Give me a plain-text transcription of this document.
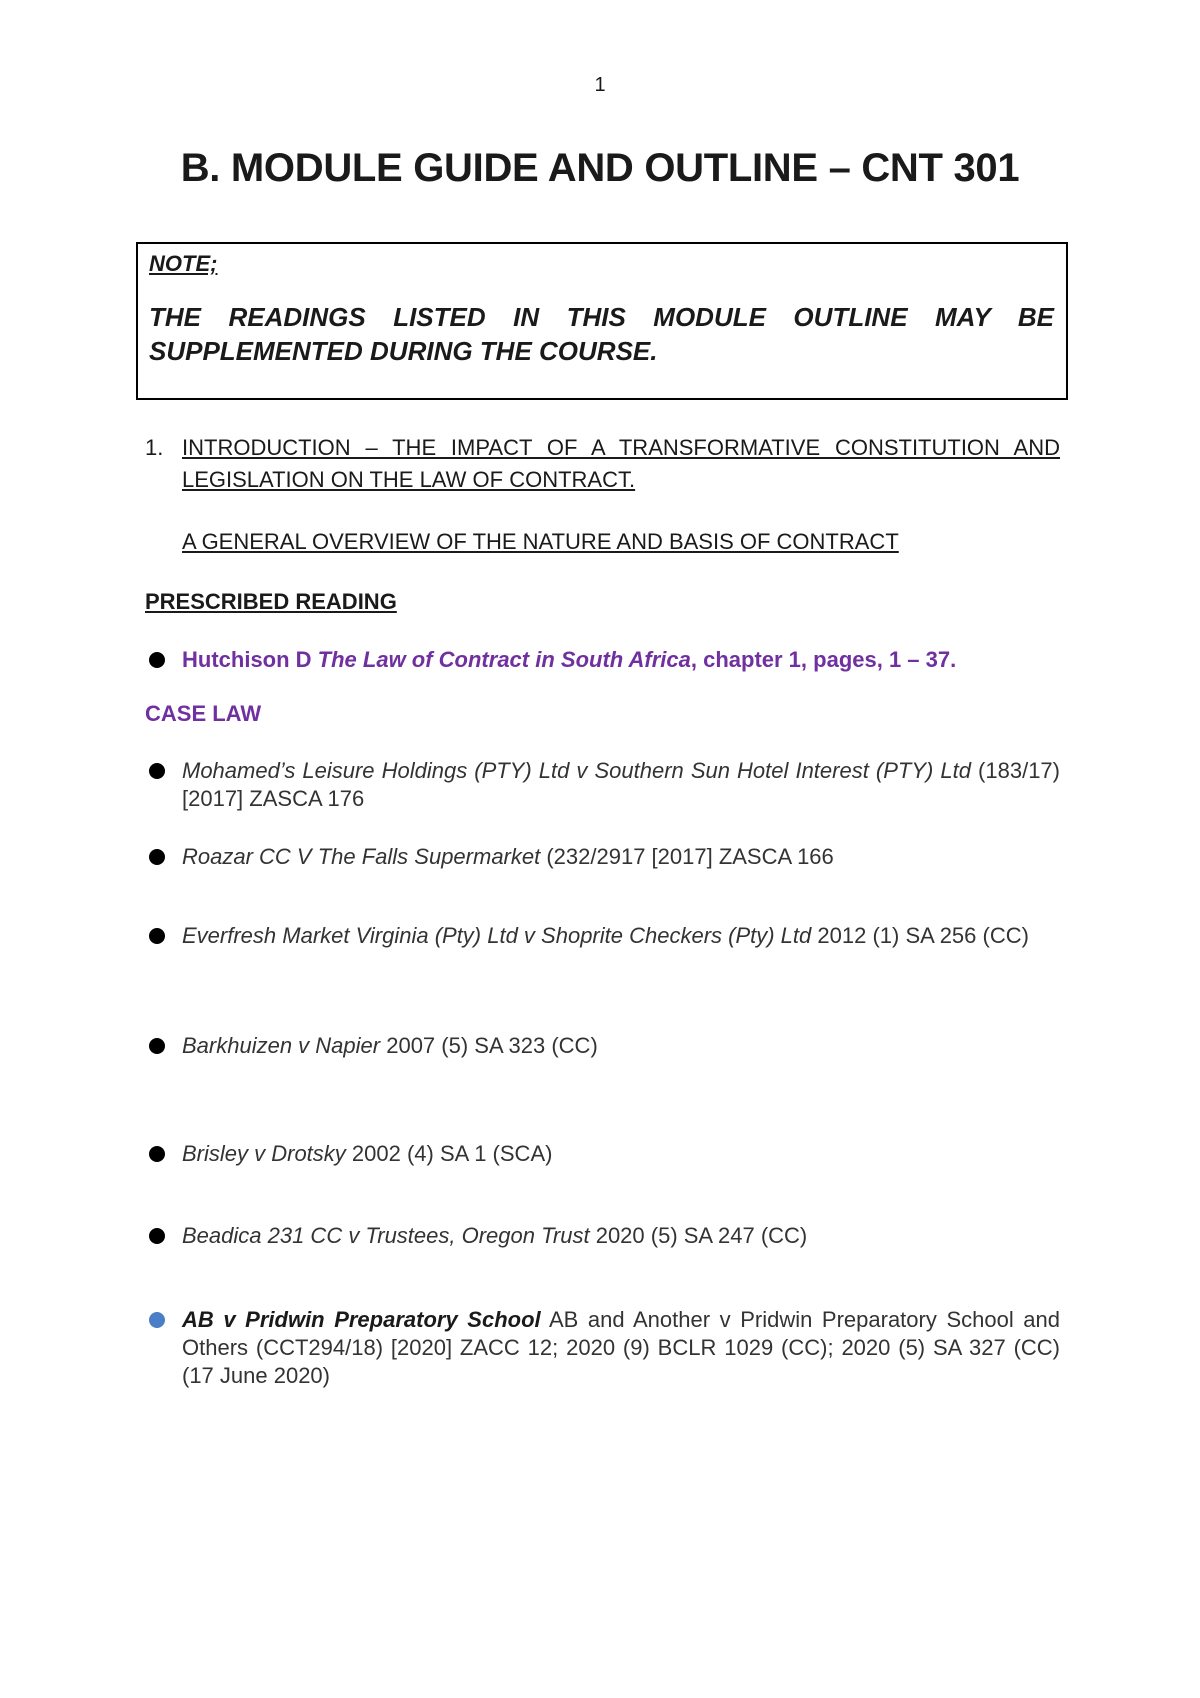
1
B. MODULE GUIDE AND OUTLINE – CNT 301
NOTE;
THE READINGS LISTED IN THIS MODULE OUTLINE MAY BE SUPPLEMENTED DURING THE COURSE.
1. INTRODUCTION – THE IMPACT OF A TRANSFORMATIVE CONSTITUTION AND LEGISLATION ON THE LAW OF CONTRACT.
A GENERAL OVERVIEW OF THE NATURE AND BASIS OF CONTRACT
PRESCRIBED READING
Hutchison D The Law of Contract in South Africa, chapter 1, pages, 1 – 37.
CASE LAW
Mohamed’s Leisure Holdings (PTY) Ltd v Southern Sun Hotel Interest (PTY) Ltd (183/17) [2017] ZASCA 176
Roazar CC V The Falls Supermarket (232/2917 [2017] ZASCA 166
Everfresh Market Virginia (Pty) Ltd v Shoprite Checkers (Pty) Ltd 2012 (1) SA 256 (CC)
Barkhuizen v Napier 2007 (5) SA 323 (CC)
Brisley v Drotsky 2002 (4) SA 1 (SCA)
Beadica 231 CC v Trustees, Oregon Trust 2020 (5) SA 247 (CC)
AB v Pridwin Preparatory School AB and Another v Pridwin Preparatory School and Others (CCT294/18) [2020] ZACC 12; 2020 (9) BCLR 1029 (CC); 2020 (5) SA 327 (CC) (17 June 2020)
